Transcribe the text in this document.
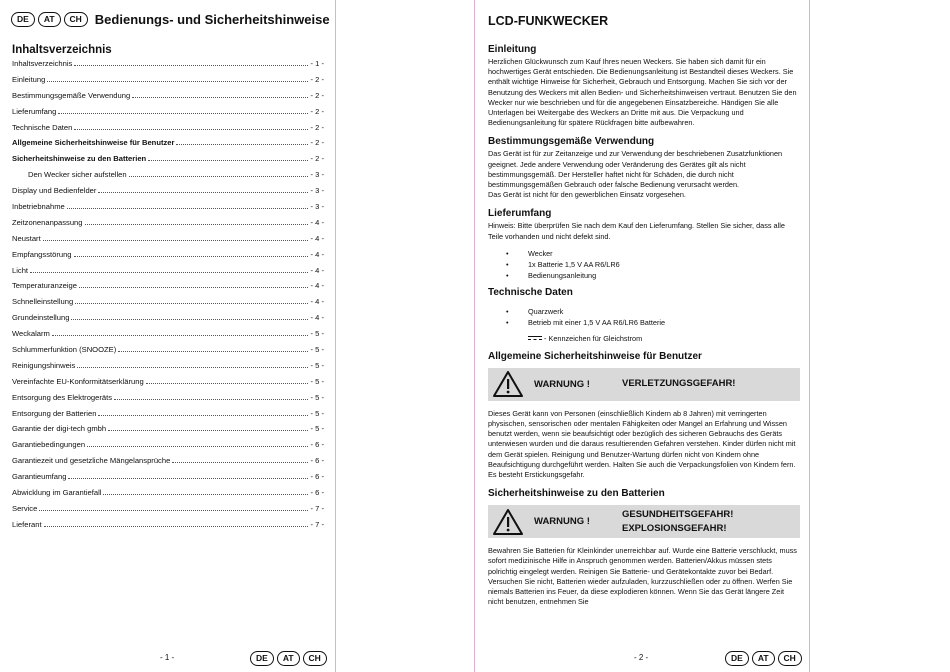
DE	AT	CH	Bedienungs- und Sicherheitshinweise
Inhaltsverzeichnis
Inhaltsverzeichnis	- 1 -
Einleitung	- 2 -
Bestimmungsgemäße Verwendung	- 2 -
Lieferumfang	- 2 -
Technische Daten	- 2 -
Allgemeine Sicherheitshinweise für Benutzer	- 2 -
Sicherheitshinweise zu den Batterien	- 2 -
Den Wecker sicher aufstellen	- 3 -
Display und Bedienfelder	- 3 -
Inbetriebnahme	- 3 -
Zeitzonenanpassung	- 4 -
Neustart	- 4 -
Empfangsstörung	- 4 -
Licht	- 4 -
Temperaturanzeige	- 4 -
Schnelleinstellung	- 4 -
Grundeinstellung	- 4 -
Weckalarm	- 5 -
Schlummerfunktion (SNOOZE)	- 5 -
Reinigungshinweis	- 5 -
Vereinfachte EU-Konformitätserklärung	- 5 -
Entsorgung des Elektrogeräts	- 5 -
Entsorgung der Batterien	- 5 -
Garantie der digi-tech gmbh	- 5 -
Garantiebedingungen	- 6 -
Garantiezeit und gesetzliche Mängelansprüche	- 6 -
Garantieumfang	- 6 -
Abwicklung im Garantiefall	- 6 -
Service	- 7 -
Lieferant	- 7 -
- 1 -	DE	AT	CH
LCD-FUNKWECKER
Einleitung

Herzlichen Glückwunsch zum Kauf Ihres neuen Weckers. Sie haben sich damit für ein hochwertiges Gerät entschieden. Die Bedienungsanleitung ist Bestandteil dieses Weckers. Sie enthält wichtige Hinweise für Sicherheit, Gebrauch und Entsorgung. Machen Sie sich vor der Benutzung des Weckers mit allen Bedien- und Sicherheitshinweisen vertraut. Benutzen Sie den Wecker nur wie beschrieben und für die angegebenen Einsatzbereiche. Händigen Sie alle Unterlagen bei Weitergabe des Weckers an Dritte mit aus. Die Verpackung und Bedienungsanleitung für spätere Rückfragen bitte aufbewahren.

Bestimmungsgemäße Verwendung

Das Gerät ist für zur Zeitanzeige und zur Verwendung der beschriebenen Zusatzfunktionen geeignet. Jede andere Verwendung oder Veränderung des Gerätes gilt als nicht bestimmungsgemäß. Der Hersteller haftet nicht für Schäden, die durch nicht bestimmungsgemäßen Gebrauch oder falsche Bedienung verursacht werden.

Das Gerät ist nicht für den gewerblichen Einsatz vorgesehen.

Lieferumfang

Hinweis: Bitte überprüfen Sie nach dem Kauf den Lieferumfang. Stellen Sie sicher, dass alle Teile vorhanden und nicht defekt sind.

• Wecker
• 1x Batterie 1,5 V AA R6/LR6
• Bedienungsanleitung
Technische Daten
• Quarzwerk
• Betrieb mit einer 1,5 V AA R6/LR6 Batterie
- Kennzeichen für Gleichstrom
Allgemeine Sicherheitshinweise für Benutzer
WARNUNG !	VERLETZUNGSGEFAHR!

Dieses Gerät kann von Personen (einschließlich Kindern ab 8 Jahren) mit verringerten physischen, sensorischen oder mentalen Fähigkeiten oder Mangel an Erfahrung und Wissen benutzt werden, wenn sie beaufsichtigt oder bezüglich des sicheren Gebrauchs des Geräts unterwiesen wurden und die daraus resultierenden Gefahren verstehen. Kinder dürfen nicht mit dem Gerät spielen. Reinigung und Benutzer-Wartung dürfen nicht von Kindern ohne Beaufsichtigung durchgeführt werden. Halten Sie auch die Verpackungsfolien von Kindern fern. Es besteht Erstickungsgefahr.

Sicherheitshinweise zu den Batterien
WARNUNG !
GESUNDHEITSGEFAHR!
EXPLOSIONSGEFAHR!

Bewahren Sie Batterien für Kleinkinder unerreichbar auf. Wurde eine Batterie verschluckt, muss sofort medizinische Hilfe in Anspruch genommen werden. Batterien/Akkus müssen stets polrichtig eingelegt werden. Reinigen Sie Batterie- und Gerätekontakte zuvor bei Bedarf. Versuchen Sie nicht, Batterien wieder aufzuladen, kurzzuschließen oder zu öffnen. Werfen Sie niemals Batterien ins Feuer, da diese explodieren können. Wenn Sie das Gerät längere Zeit nicht benutzen, entnehmen Sie

- 2 -	DE	AT	CH
